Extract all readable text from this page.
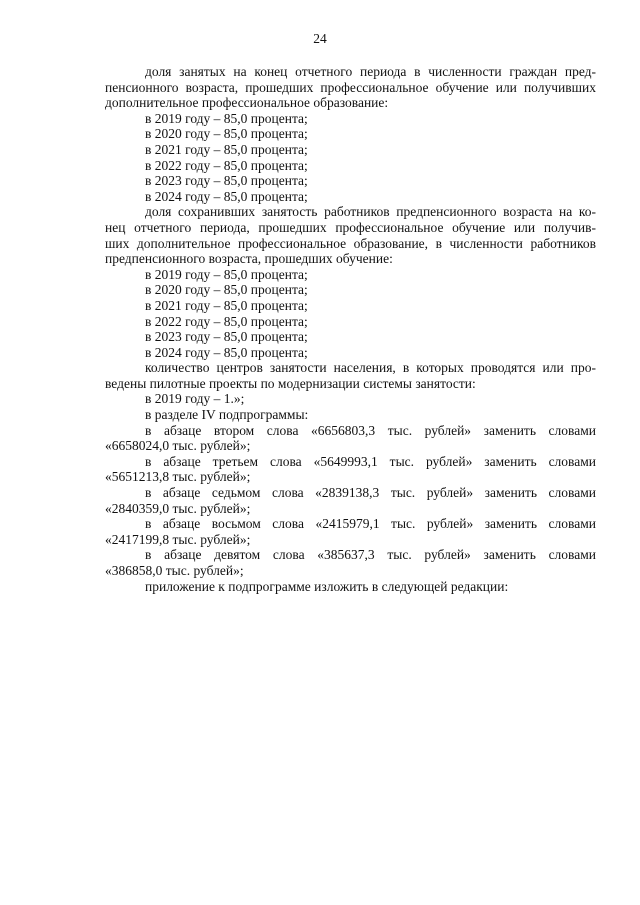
24
доля занятых на конец отчетного периода в численности граждан пред-
пенсионного возраста, прошедших профессиональное обучение или получивших
дополнительное профессиональное образование:
в 2019 году – 85,0 процента;
в 2020 году – 85,0 процента;
в 2021 году – 85,0 процента;
в 2022 году – 85,0 процента;
в 2023 году – 85,0 процента;
в 2024 году – 85,0 процента;
доля сохранивших занятость работников предпенсионного возраста на ко-
нец отчетного периода, прошедших профессиональное обучение или получив-
ших дополнительное профессиональное образование, в численности работников
предпенсионного возраста, прошедших обучение:
в 2019 году – 85,0 процента;
в 2020 году – 85,0 процента;
в 2021 году – 85,0 процента;
в 2022 году – 85,0 процента;
в 2023 году – 85,0 процента;
в 2024 году – 85,0 процента;
количество центров занятости населения, в которых проводятся или про-
ведены пилотные проекты по модернизации системы занятости:
в 2019 году – 1.»;
в разделе IV подпрограммы:
в абзаце втором слова «6656803,3 тыс. рублей» заменить словами
«6658024,0 тыс. рублей»;
в абзаце третьем слова «5649993,1 тыс. рублей» заменить словами
«5651213,8 тыс. рублей»;
в абзаце седьмом слова «2839138,3 тыс. рублей» заменить словами
«2840359,0 тыс. рублей»;
в абзаце восьмом слова «2415979,1 тыс. рублей» заменить словами
«2417199,8 тыс. рублей»;
в абзаце девятом слова «385637,3 тыс. рублей» заменить словами
«386858,0 тыс. рублей»;
приложение к подпрограмме изложить в следующей редакции:
